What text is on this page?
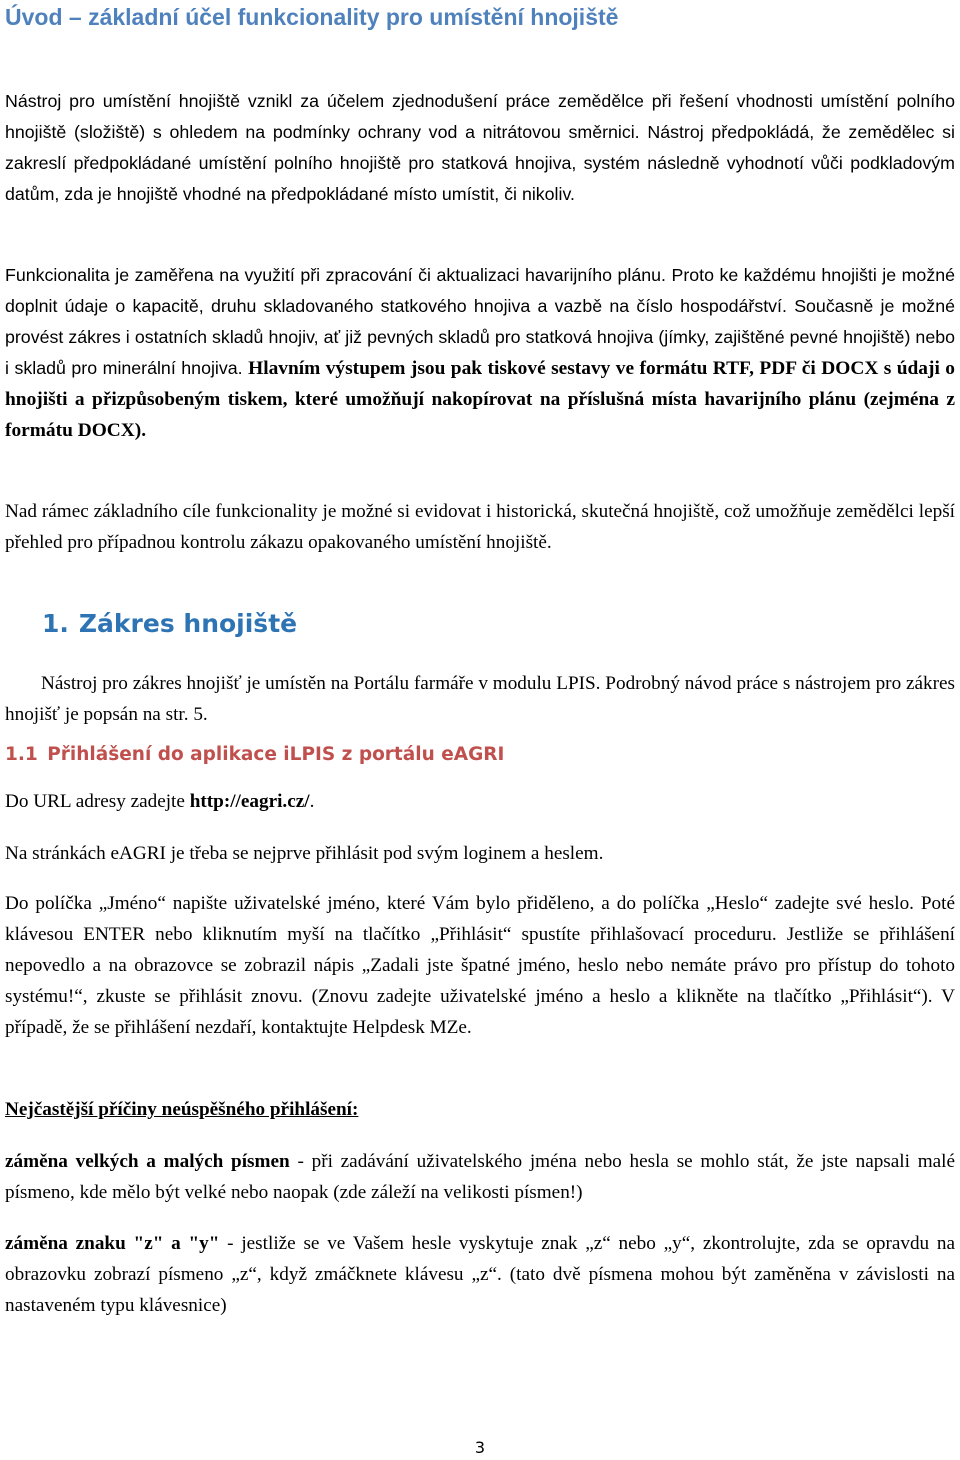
Úvod – základní účel funkcionality pro umístění hnojiště

Nástroj pro umístění hnojiště vznikl za účelem zjednodušení práce zemědělce při řešení vhodnosti umístění polního hnojiště (složiště) s ohledem na podmínky ochrany vod a nitrátovou směrnici. Nástroj předpokládá, že zemědělec si zakreslí předpokládané umístění polního hnojiště pro statková hnojiva, systém následně vyhodnotí vůči podkladovým datům, zda je hnojiště vhodné na předpokládané místo umístit, či nikoliv.

Funkcionalita je zaměřena na využití při zpracování či aktualizaci havarijního plánu. Proto ke každému hnojišti je možné doplnit údaje o kapacitě, druhu skladovaného statkového hnojiva a vazbě na číslo hospodářství. Současně je možné provést zákres i ostatních skladů hnojiv, ať již pevných skladů pro statková hnojiva (jímky, zajištěné pevné hnojiště) nebo i skladů pro minerální hnojiva. Hlavním výstupem jsou pak tiskové sestavy ve formátu RTF, PDF či DOCX s údaji o hnojišti a přizpůsobeným tiskem, které umožňují nakopírovat na příslušná místa havarijního plánu (zejména z formátu DOCX).

Nad rámec základního cíle funkcionality je možné si evidovat i historická, skutečná hnojiště, což umožňuje zemědělci lepší přehled pro případnou kontrolu zákazu opakovaného umístění hnojiště.

1. Zákres hnojiště

Nástroj pro zákres hnojišť je umístěn na Portálu farmáře v modulu LPIS. Podrobný návod práce s nástrojem pro zákres hnojišť je popsán na str. 5.

1.1 Přihlášení do aplikace iLPIS z portálu eAGRI

Do URL adresy zadejte http://eagri.cz/.

Na stránkách eAGRI je třeba se nejprve přihlásit pod svým loginem a heslem.

Do políčka „Jméno“ napište uživatelské jméno, které Vám bylo přiděleno, a do políčka „Heslo“ zadejte své heslo. Poté klávesou ENTER nebo kliknutím myší na tlačítko „Přihlásit“ spustíte přihlašovací proceduru. Jestliže se přihlášení nepovedlo a na obrazovce se zobrazil nápis „Zadali jste špatné jméno, heslo nebo nemáte právo pro přístup do tohoto systému!“, zkuste se přihlásit znovu. (Znovu zadejte uživatelské jméno a heslo a klikněte na tlačítko „Přihlásit“). V případě, že se přihlášení nezdaří, kontaktujte Helpdesk MZe.

Nejčastější příčiny neúspěšného přihlášení:

záměna velkých a malých písmen - při zadávání uživatelského jména nebo hesla se mohlo stát, že jste napsali malé písmeno, kde mělo být velké nebo naopak (zde záleží na velikosti písmen!)

záměna znaku "z" a "y" - jestliže se ve Vašem hesle vyskytuje znak „z“ nebo „y“, zkontrolujte, zda se opravdu na obrazovku zobrazí písmeno „z“, když zmáčknete klávesu „z“. (tato dvě písmena mohou být zaměněna v závislosti na nastaveném typu klávesnice)

3
